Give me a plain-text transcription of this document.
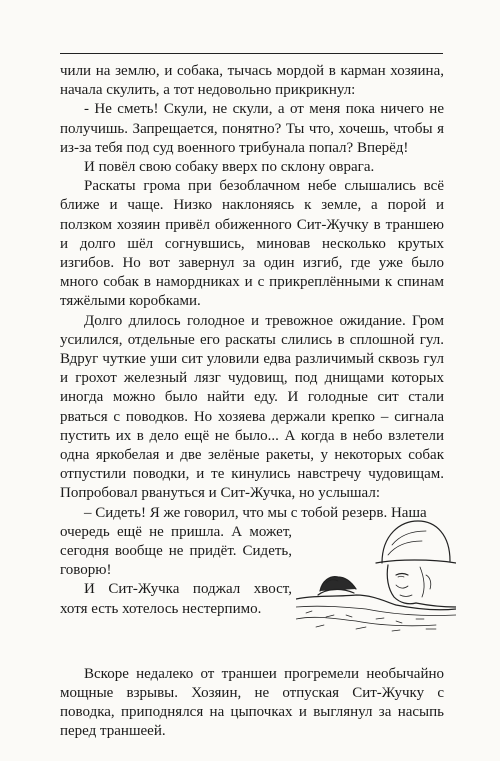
чили на землю, и собака, тычась мордой в карман хозяина, начала скулить, а тот недовольно прикрикнул:

- Не сметь! Скули, не скули, а от меня пока ничего не получишь. Запрещается, понятно? Ты что, хочешь, чтобы я из-за тебя под суд военного трибунала попал? Вперёд!

И повёл свою собаку вверх по склону оврага.

Раскаты грома при безоблачном небе слышались всё ближе и чаще. Низко наклоняясь к земле, а порой и ползком хозяин привёл обиженного Сит-Жучку в траншею и долго шёл согнувшись, миновав несколько крутых изгибов. Но вот завернул за один изгиб, где уже было много собак в намордниках и с прикреплёнными к спинам тяжёлыми коробками.

Долго длилось голодное и тревожное ожидание. Гром усилился, отдельные его раскаты слились в сплошной гул. Вдруг чуткие уши сит уловили едва различимый сквозь гул и грохот железный лязг чудовищ, под днищами которых иногда можно было найти еду. И голодные сит стали рваться с поводков. Но хозяева держали крепко – сигнала пустить их в дело ещё не было... А когда в небо взлетели одна яркобелая и две зелёные ракеты, у некоторых собак отпустили поводки, и те кинулись навстречу чудовищам. Попробовал рвануться и Сит-Жучка, но услышал:

– Сидеть! Я же говорил, что мы с тобой резерв. Наша

очередь ещё не пришла. А может, сегодня вообще не придёт. Сидеть, говорю!

И Сит-Жучка поджал хвост, хотя есть хотелось нестерпимо.

Вскоре недалеко от траншеи прогремели необычайно мощные взрывы. Хозяин, не отпуская Сит-Жучку с поводка, приподнялся на цыпочках и выглянул за насыпь перед траншеей.
